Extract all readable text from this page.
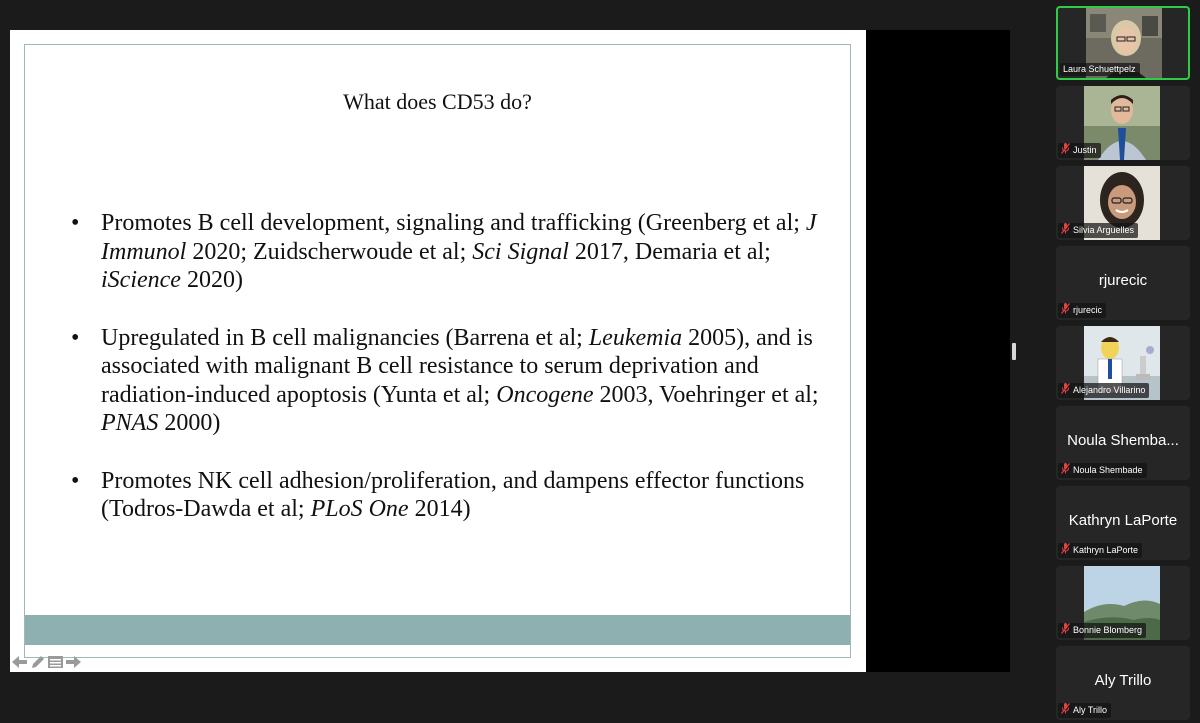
What does CD53 do?
• Promotes B cell development, signaling and trafficking (Greenberg et al; J Immunol 2020; Zuidscherwoude et al; Sci Signal 2017, Demaria et al; iScience 2020)
• Upregulated in B cell malignancies (Barrena et al; Leukemia 2005), and is associated with malignant B cell resistance to serum deprivation and radiation-induced apoptosis (Yunta et al; Oncogene 2003, Voehringer et al; PNAS 2000)
• Promotes NK cell adhesion/proliferation, and dampens effector functions (Todros-Dawda et al; PLoS One 2014)
Laura Schuettpelz
Justin
Silvia Arguelles
rjurecic
rjurecic
Alejandro Villarino
Noula Shemba...
Noula Shembade
Kathryn LaPorte
Kathryn LaPorte
Bonnie Blomberg
Aly Trillo
Aly Trillo
